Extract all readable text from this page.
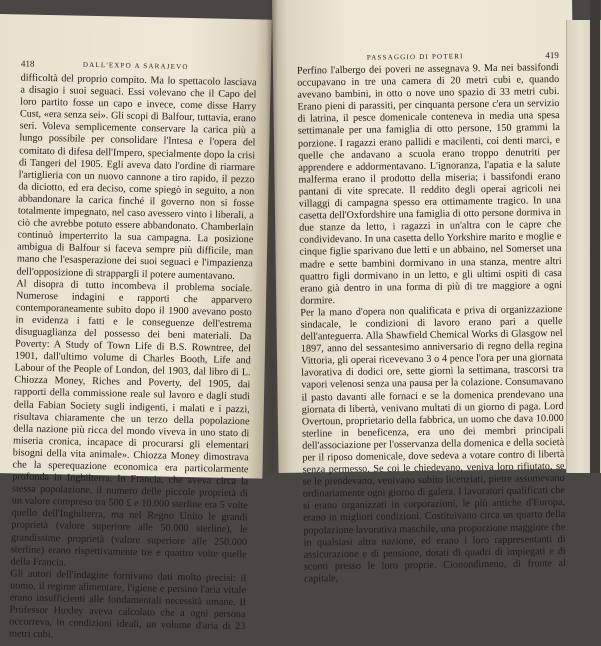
418	DALL'EXPO A SARAJEVO

difficoltà del proprio compito. Ma lo spettacolo lasciava a disagio i suoi seguaci. Essi volevano che il Capo del loro partito fosse un capo e invece, come disse Harry Cust, «era senza sei». Gli scopi di Balfour, tuttavia, erano seri. Voleva semplicemente conservare la carica più a lungo possibile per consolidare l'Intesa e l'opera del comitato di difesa dell'Impero, specialmente dopo la crisi di Tangeri del 1905. Egli aveva dato l'ordine di riarmare l'artiglieria con un nuovo cannone a tiro rapido, il pezzo da diciotto, ed era deciso, come spiegò in seguito, a non abbandonare la carica finché il governo non si fosse totalmente impegnato, nel caso avessero vinto i liberali, a ciò che avrebbe potuto essere abbandonato. Chamberlain continuò imperterrito la sua campagna. La posizione ambigua di Balfour si faceva sempre più difficile, man mano che l'esasperazione dei suoi seguaci e l'impazienza dell'opposizione di strappargli il potere aumentavano.

Al disopra di tutto incombeva il problema sociale. Numerose indagini e rapporti che apparvero contemporaneamente subito dopo il 1900 avevano posto in evidenza i fatti e le conseguenze dell'estrema disuguaglianza del possesso dei beni materiali. Da Poverty: A Study of Town Life di B.S. Rowntree, del 1901, dall'ultimo volume di Charles Booth, Life and Labour of the People of London, del 1903, dal libro di L. Chiozza Money, Riches and Poverty, del 1905, dai rapporti della commissione reale sul lavoro e dagli studi della Fabian Society sugli indigenti, i malati e i pazzi, risultava chiaramente che un terzo della popolazione della nazione più ricca del mondo viveva in uno stato di miseria cronica, incapace di procurarsi gli elementari bisogni della vita animale». Chiozza Money dimostrava che la sperequazione economica era particolarmente profonda in Inghilterra. In Francia, che aveva circa la stessa popolazione, il numero delle piccole proprietà di un valore compreso tra 500 £ e 10.000 sterline era 5 volte quello dell'Inghilterra, ma nel Regno Unito le grandi proprietà (valore superiore alle 50.000 sterline), le grandissime proprietà (valore superiore alle 250.000 sterline) erano rispettivamente tre e quattro volte quelle della Francia.

Gli autori dell'indagine fornivano dati molto precisi: il uomo, il regime alimentare, l'igiene e persino l'aria vitale erano insufficienti alle fondamentali necessità umane. Il Professor Huxley aveva calcolato che a ogni persona occorreva, in condizioni ideali, un volume d'aria di 23 metri cubi.

PASSAGGIO DI POTERI	419

Perfino l'albergo dei poveri ne assegnava 9. Ma nei bassifondi occupavano in tre una camera di 20 metri cubi e, quando avevano bambini, in otto o nove uno spazio di 33 metri cubi. Erano pieni di parassiti, per cinquanta persone c'era un servizio di latrina, il pesce domenicale conteneva in media una spesa settimanale per una famiglia di otto persone, 150 grammi la porzione. I ragazzi erano pallidi e macilenti, coi denti marci, e quelle che andavano a scuola erano troppo denutriti per apprendere e addormentavano. L'ignoranza, l'apatia e la salute malferma erano il prodotto della miseria; i bassifondi erano pantani di vite sprecate. Il reddito degli operai agricoli nei villaggi di campagna spesso era ottimamente tragico. In una casetta dell'Oxfordshire una famiglia di otto persone dormiva in due stanze da letto, i ragazzi in un'altra con le capre che condividevano. In una casetta dello Yorkshire marito e moglie e cinque figlie sparivano due letti e un abbaino, nel Somerset una madre e sette bambini dormivano in una stanza, mentre altri quattro figli dormivano in un letto, e gli ultimi ospiti di casa erano già dentro in una forma di più di tre maggiore a ogni dormire.

Per la mano d'opera non qualificata e priva di organizzazione sindacale, le condizioni di lavoro erano pari a quelle dell'anteguerra. Alla Shawfield Chemical Works di Glasgow nel 1897, anno del sessantesimo anniversario di regno della regina Vittoria, gli operai ricevevano 3 o 4 pence l'ora per una giornata lavorativa di dodici ore, sette giorni la settimana, trascorsi tra vapori velenosi senza una pausa per la colazione. Consumavano il pasto davanti alle fornaci e se la domenica prendevano una giornata di libertà, venivano multati di un giorno di paga. Lord Overtoun, proprietario della fabbrica, un uomo che dava 10.000 sterline in beneficenza, era uno dei membri principali dell'associazione per l'osservanza della domenica e della società per il riposo domenicale, dove sedeva a votare contro di libertà senza permesso. Se coi le chiedevano, veniva loro rifiutato, se se le prendevano, venivano subito licenziati, pietre assumevano ordinariamente ogni giorno di galera. I lavoratori qualificati che si erano organizzati in corporazioni, le più antiche d'Europa, erano in migliori condizioni. Costituivano circa un quarto della popolazione lavorativa maschile, una proporzione maggiore che in qualsiasi altra nazione, ed erano i loro rappresentanti di assicurazione e di pensione, dotati di quadri di impiegati e di sconti presso le loro proprie. Cionondimeno, di fronte al capitale,
